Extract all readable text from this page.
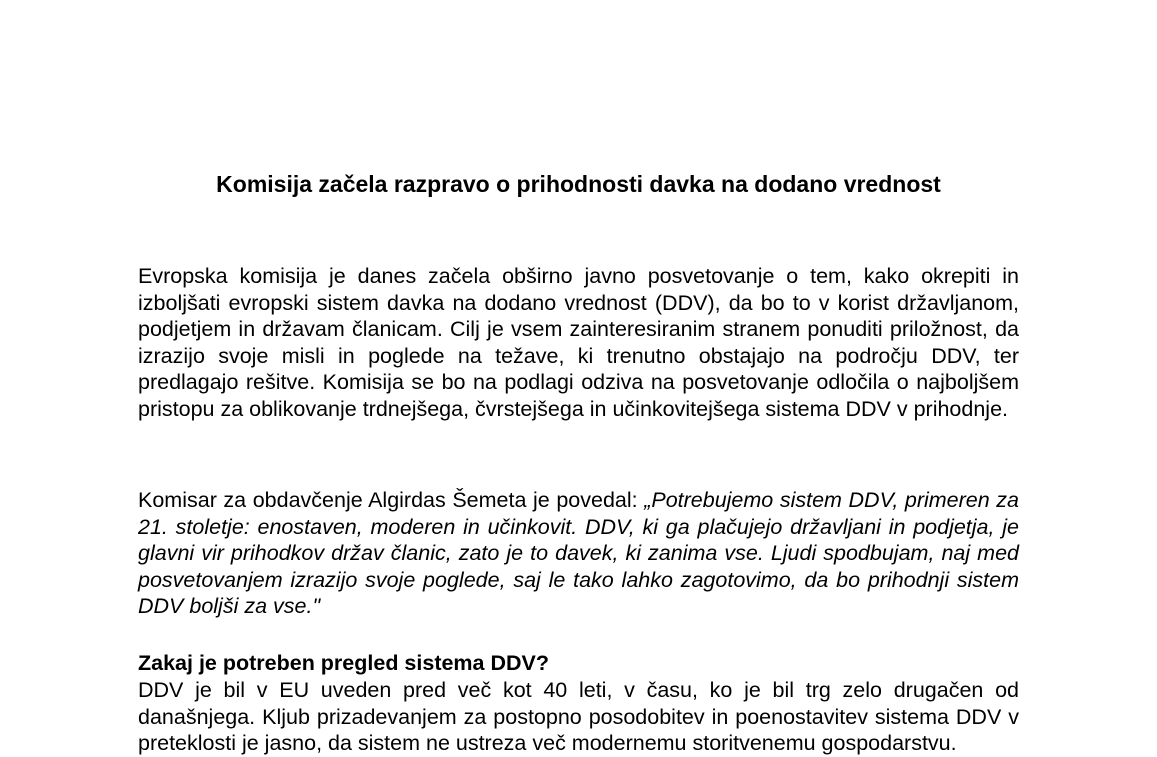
Komisija začela razpravo o prihodnosti davka na dodano vrednost

Evropska komisija je danes začela obširno javno posvetovanje o tem, kako okrepiti in izboljšati evropski sistem davka na dodano vrednost (DDV), da bo to v korist državljanom, podjetjem in državam članicam. Cilj je vsem zainteresiranim stranem ponuditi priložnost, da izrazijo svoje misli in poglede na težave, ki trenutno obstajajo na področju DDV, ter predlagajo rešitve. Komisija se bo na podlagi odziva na posvetovanje odločila o najboljšem pristopu za oblikovanje trdnejšega, čvrstejšega in učinkovitejšega sistema DDV v prihodnje.

Komisar za obdavčenje Algirdas Šemeta je povedal: „Potrebujemo sistem DDV, primeren za 21. stoletje: enostaven, moderen in učinkovit. DDV, ki ga plačujejo državljani in podjetja, je glavni vir prihodkov držav članic, zato je to davek, ki zanima vse. Ljudi spodbujam, naj med posvetovanjem izrazijo svoje poglede, saj le tako lahko zagotovimo, da bo prihodnji sistem DDV boljši za vse."

Zakaj je potreben pregled sistema DDV?

DDV je bil v EU uveden pred več kot 40 leti, v času, ko je bil trg zelo drugačen od današnjega. Kljub prizadevanjem za postopno posodobitev in poenostavitev sistema DDV v preteklosti je jasno, da sistem ne ustreza več modernemu storitvenemu gospodarstvu.
